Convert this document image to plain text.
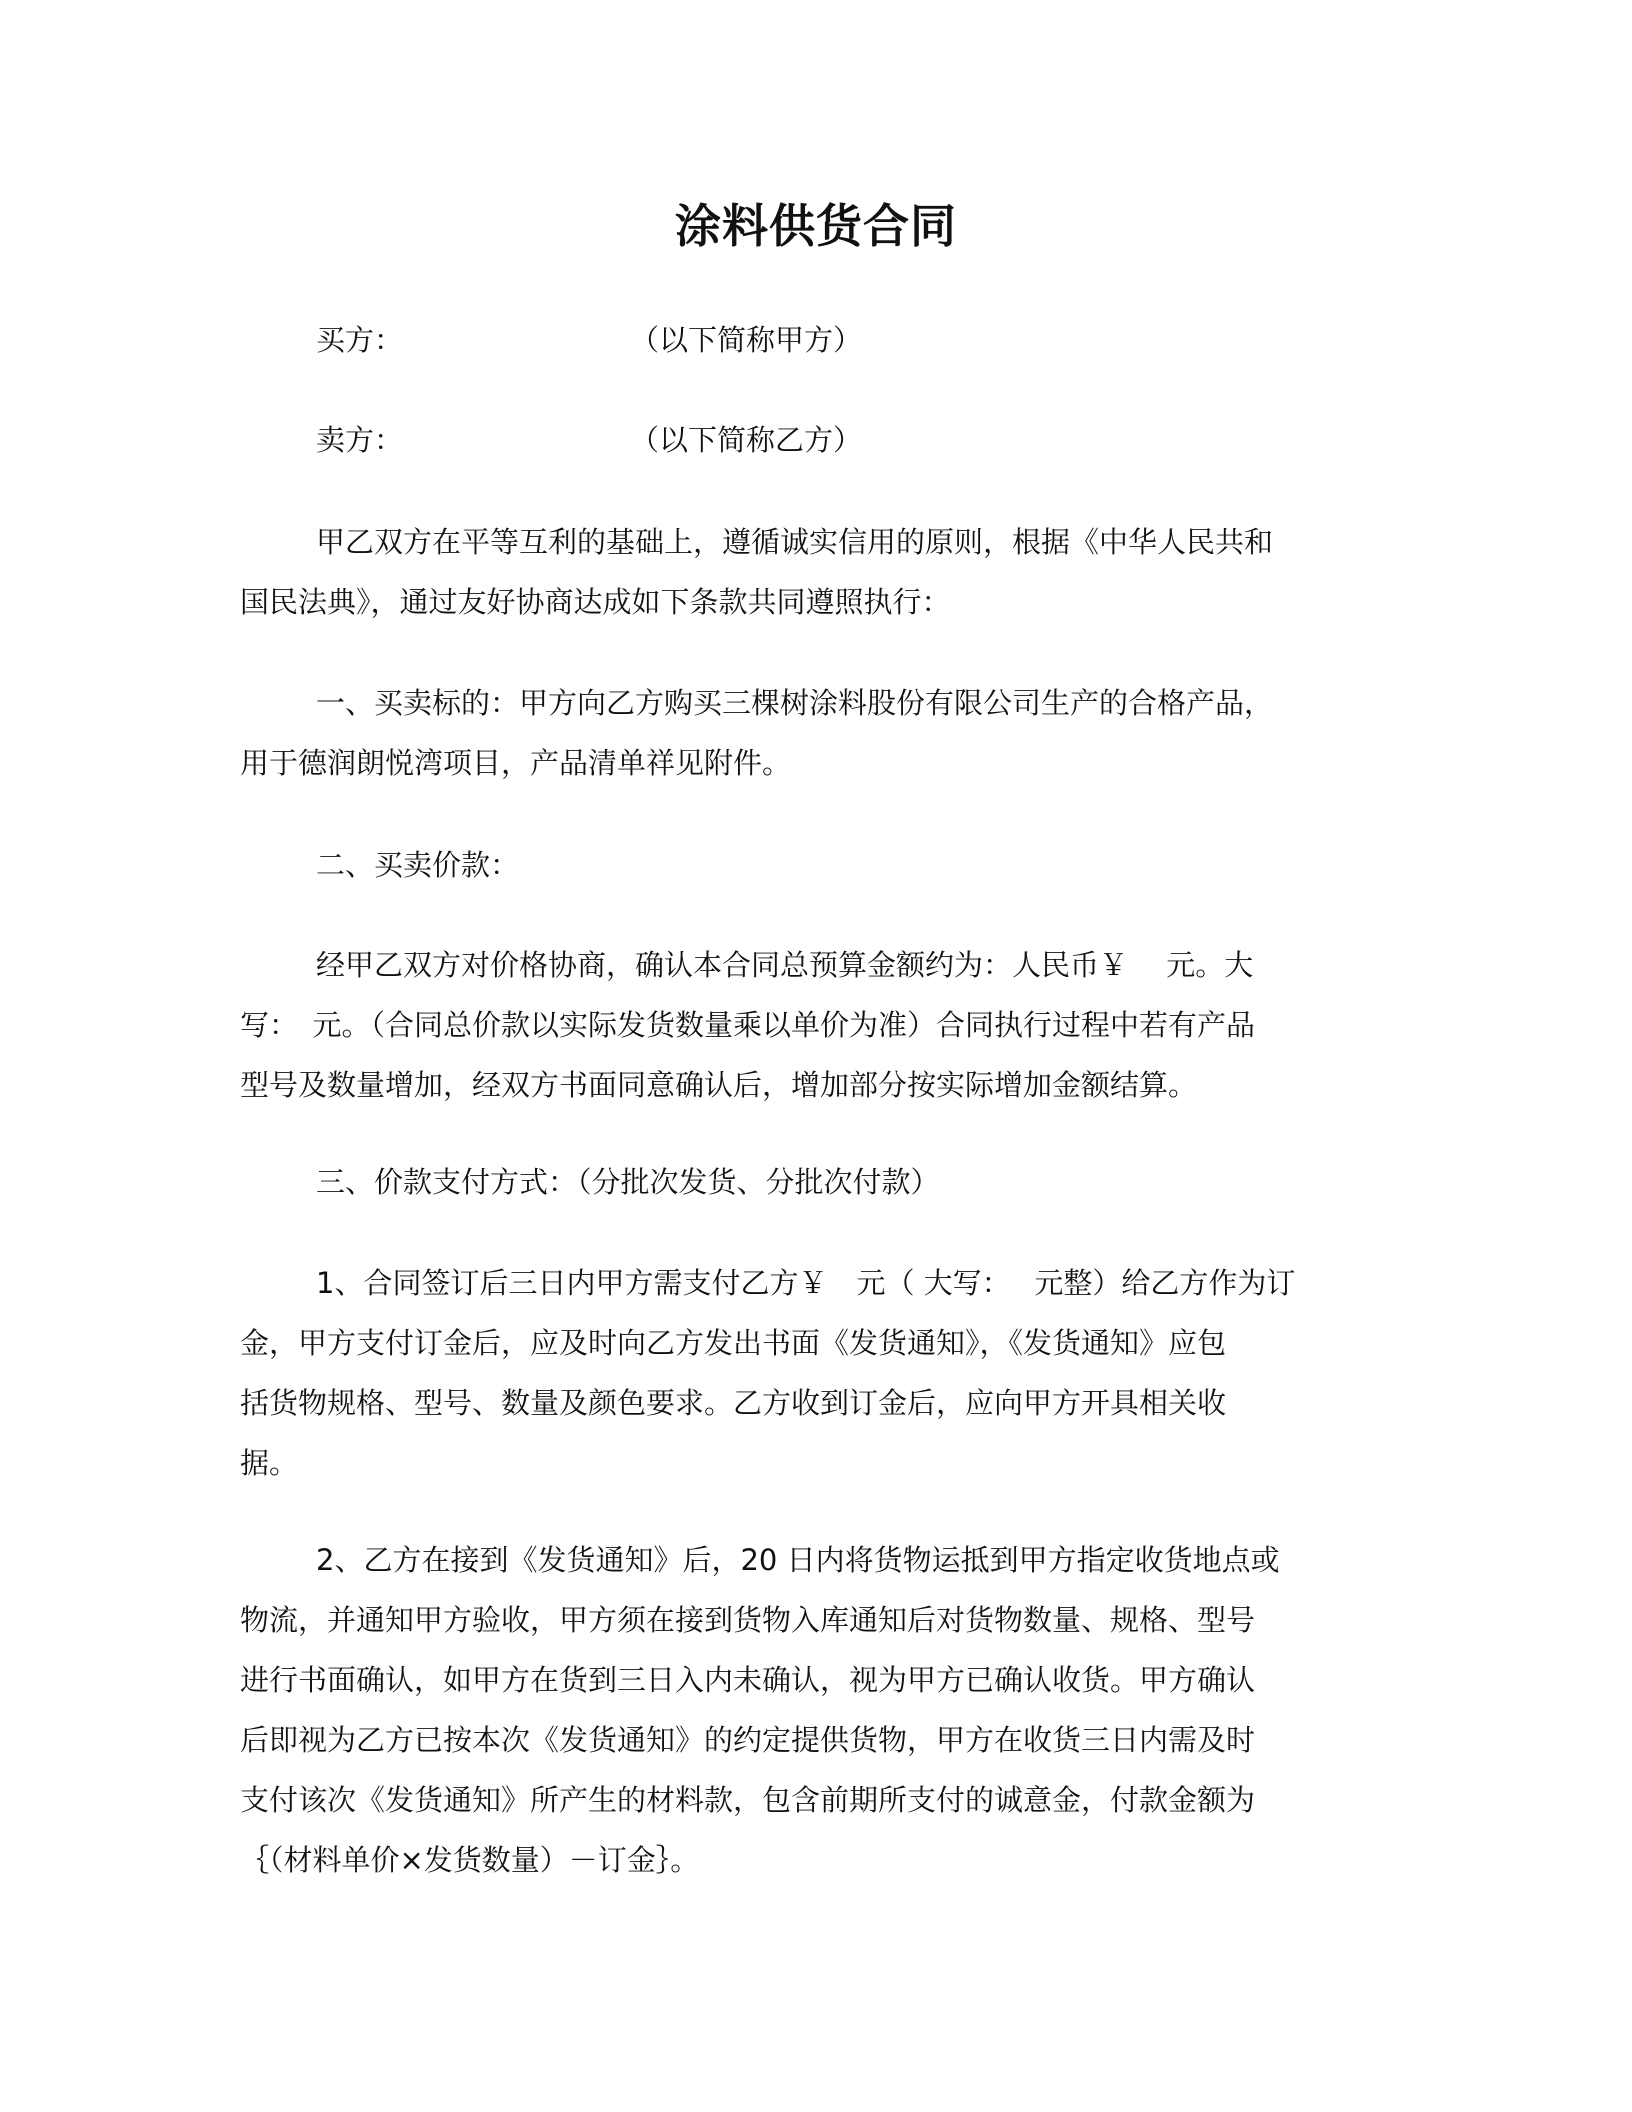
涂料供货合同
买方：	（以下简称甲方）
卖方：	（以下简称乙方）
甲乙双方在平等互利的基础上，遵循诚实信用的原则，根据《中华人民共和
国民法典》，通过友好协商达成如下条款共同遵照执行：
一、买卖标的：甲方向乙方购买三棵树涂料股份有限公司生产的合格产品，
用于德润朗悦湾项目，产品清单祥见附件。
二、买卖价款：
经甲乙双方对价格协商，确认本合同总预算金额约为：人民币￥　 元。大
写：　元。（合同总价款以实际发货数量乘以单价为准）合同执行过程中若有产品
型号及数量增加，经双方书面同意确认后，增加部分按实际增加金额结算。
三、价款支付方式：（分批次发货、分批次付款）
1、合同签订后三日内甲方需支付乙方￥　元（ 大写：　 元整）给乙方作为订
金，甲方支付订金后，应及时向乙方发出书面《发货通知》，《发货通知》应包
括货物规格、型号、数量及颜色要求。乙方收到订金后，应向甲方开具相关收
据。
2、乙方在接到《发货通知》后，20 日内将货物运抵到甲方指定收货地点或
物流，并通知甲方验收，甲方须在接到货物入库通知后对货物数量、规格、型号
进行书面确认，如甲方在货到三日入内未确认，视为甲方已确认收货。甲方确认
后即视为乙方已按本次《发货通知》的约定提供货物，甲方在收货三日内需及时
支付该次《发货通知》所产生的材料款，包含前期所支付的诚意金，付款金额为
｛（材料单价×发货数量）－订金｝。
